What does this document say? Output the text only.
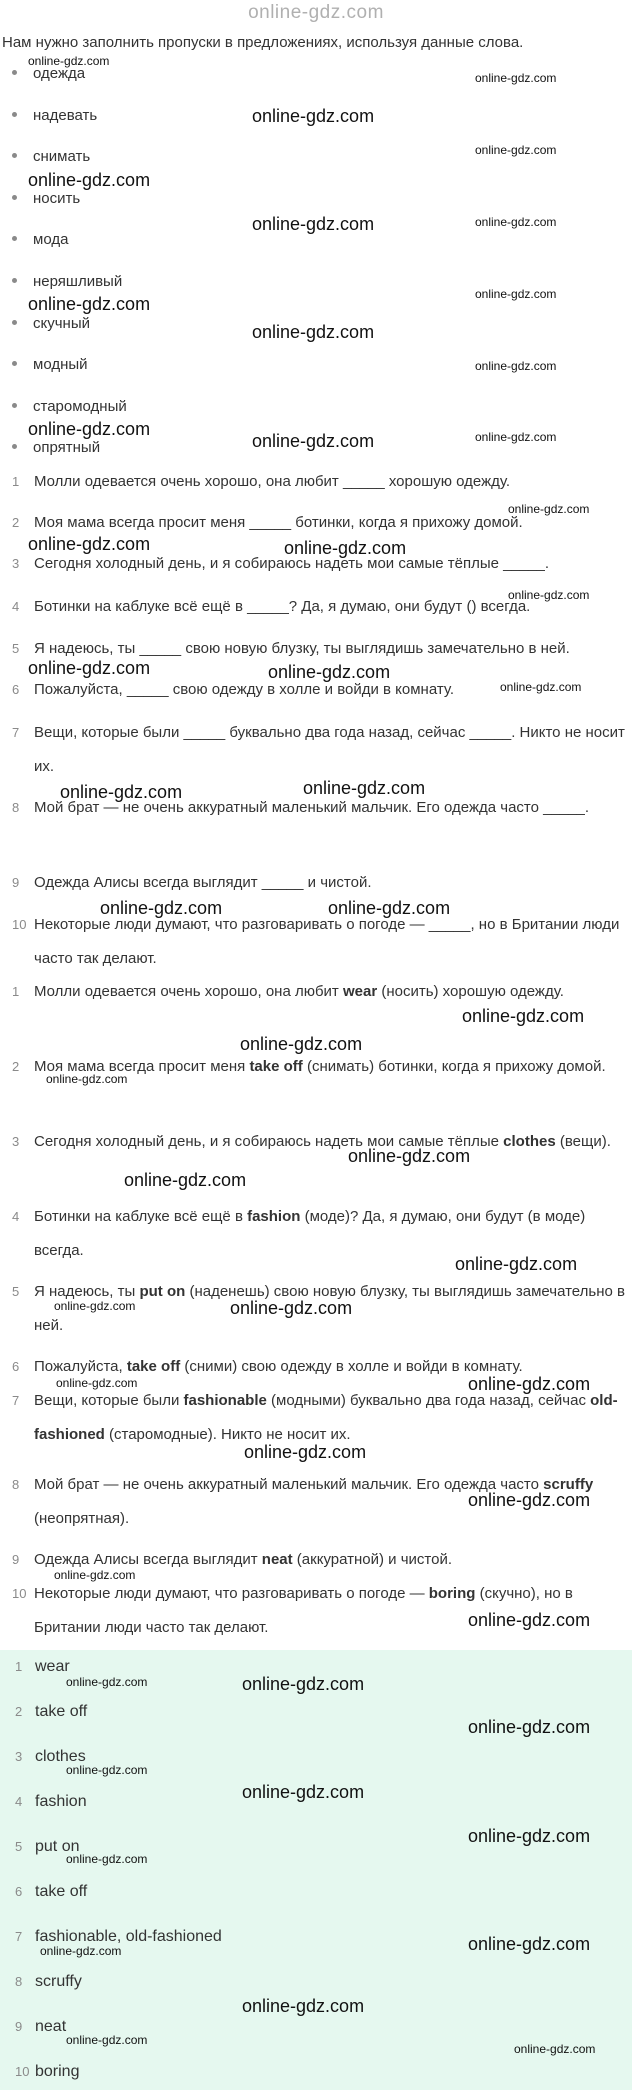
online-gdz.com
Нам нужно заполнить пропуски в предложениях, используя данные слова.
одежда
надевать
снимать
носить
мода
неряшливый
скучный
модный
старомодный
опрятный
1 Молли одевается очень хорошо, она любит _____ хорошую одежду.
2 Моя мама всегда просит меня _____ ботинки, когда я прихожу домой.
3 Сегодня холодный день, и я собираюсь надеть мои самые тёплые _____.
4 Ботинки на каблуке всё ещё в _____? Да, я думаю, они будут () всегда.
5 Я надеюсь, ты _____ свою новую блузку, ты выглядишь замечательно в ней.
6 Пожалуйста, _____ свою одежду в холле и войди в комнату.
7 Вещи, которые были _____ буквально два года назад, сейчас _____. Никто не носит их.
8 Мой брат — не очень аккуратный маленький мальчик. Его одежда часто _____.
9 Одежда Алисы всегда выглядит _____ и чистой.
10 Некоторые люди думают, что разговаривать о погоде — _____, но в Британии люди часто так делают.
1 Молли одевается очень хорошо, она любит wear (носить) хорошую одежду.
2 Моя мама всегда просит меня take off (снимать) ботинки, когда я прихожу домой.
3 Сегодня холодный день, и я собираюсь надеть мои самые тёплые clothes (вещи).
4 Ботинки на каблуке всё ещё в fashion (моде)? Да, я думаю, они будут (в моде) всегда.
5 Я надеюсь, ты put on (наденешь) свою новую блузку, ты выглядишь замечательно в ней.
6 Пожалуйста, take off (сними) свою одежду в холле и войди в комнату.
7 Вещи, которые были fashionable (модными) буквально два года назад, сейчас old-fashioned (старомодные). Никто не носит их.
8 Мой брат — не очень аккуратный маленький мальчик. Его одежда часто scruffy (неопрятная).
9 Одежда Алисы всегда выглядит neat (аккуратной) и чистой.
10 Некоторые люди думают, что разговаривать о погоде — boring (скучно), но в Британии люди часто так делают.
1 wear
2 take off
3 clothes
4 fashion
5 put on
6 take off
7 fashionable, old-fashioned
8 scruffy
9 neat
10 boring
online-gdz.com
online-gdz.com
online-gdz.com
online-gdz.com
online-gdz.com
online-gdz.com	online-gdz.com
online-gdz.com
online-gdz.com
online-gdz.com
online-gdz.com
online-gdz.com
online-gdz.com	online-gdz.com
online-gdz.com
online-gdz.com	online-gdz.com
online-gdz.com
online-gdz.com
online-gdz.com	online-gdz.com
online-gdz.com	online-gdz.com
online-gdz.com	online-gdz.com
online-gdz.com
online-gdz.com
online-gdz.com
online-gdz.com
online-gdz.com
online-gdz.com
online-gdz.com	online-gdz.com
online-gdz.com	online-gdz.com
online-gdz.com
online-gdz.com
online-gdz.com
online-gdz.com
online-gdz.com	online-gdz.com
online-gdz.com
online-gdz.com
online-gdz.com
online-gdz.com
online-gdz.com
online-gdz.com	online-gdz.com
online-gdz.com
online-gdz.com
online-gdz.com
